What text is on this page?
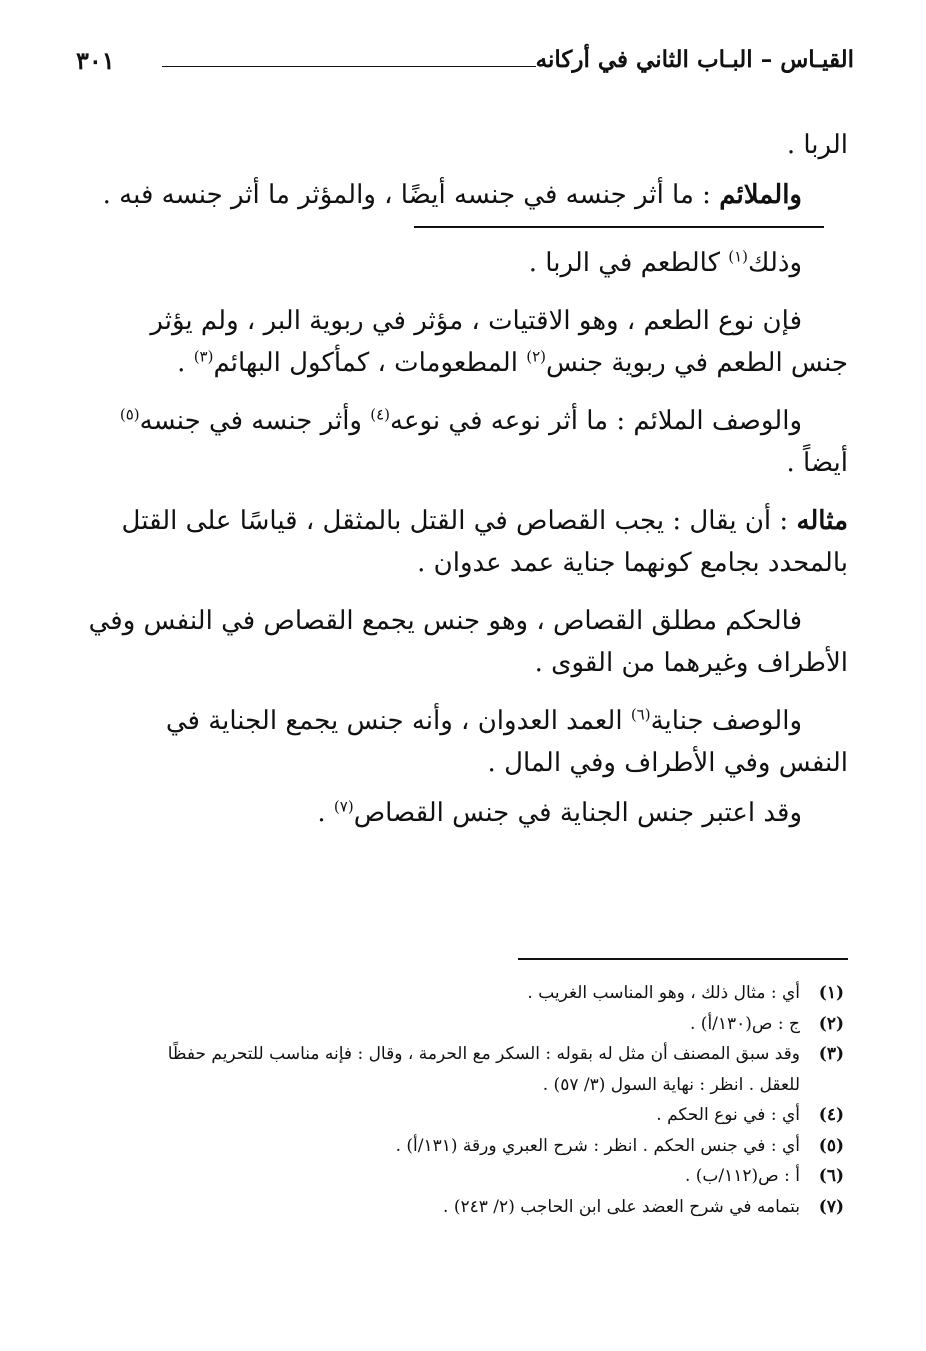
القيـاس – البـاب الثاني في أركانه
٣٠١

الربا .

والملائم : ما أثر جنسه في جنسه أيضًا ، والمؤثر ما أثر جنسه فبه .

وذلك$^{(١)}$ كالطعم في الربا .

فإن نوع الطعم ، وهو الاقتيات ، مؤثر في ربوية البر ، ولم يؤثر
جنس الطعم في ربوية جنس$^{(٢)}$ المطعومات ، كمأكول البهائم$^{(٣)}$ .

والوصف الملائم : ما أثر نوعه في نوعه$^{(٤)}$ وأثر جنسه في جنسه$^{(٥)}$
أيضاً .

مثاله : أن يقال : يجب القصاص في القتل بالمثقل ، قياسًا على القتل
بالمحدد بجامع كونهما جناية عمد عدوان .

فالحكم مطلق القصاص ، وهو جنس يجمع القصاص في النفس وفي
الأطراف وغيرهما من القوى .

والوصف جناية$^{(٦)}$ العمد العدوان ، وأنه جنس يجمع الجناية في
النفس وفي الأطراف وفي المال .

وقد اعتبر جنس الجناية في جنس القصاص$^{(٧)}$ .

(١)
أي : مثال ذلك ، وهو المناسب الغريب .
(٢)
ج : ص(١٣٠/أ) .
(٣)
وقد سبق المصنف أن مثل له بقوله : السكر مع الحرمة ، وقال : فإنه مناسب للتحريم حفظًا
للعقل . انظر : نهاية السول (٣/ ٥٧) .
(٤)
أي : في نوع الحكم .
(٥)
أي : في جنس الحكم . انظر : شرح العبري ورقة (١٣١/أ) .
(٦)
أ : ص(١١٢/ب) .
(٧)
بتمامه في شرح العضد على ابن الحاجب (٢/ ٢٤٣) .
